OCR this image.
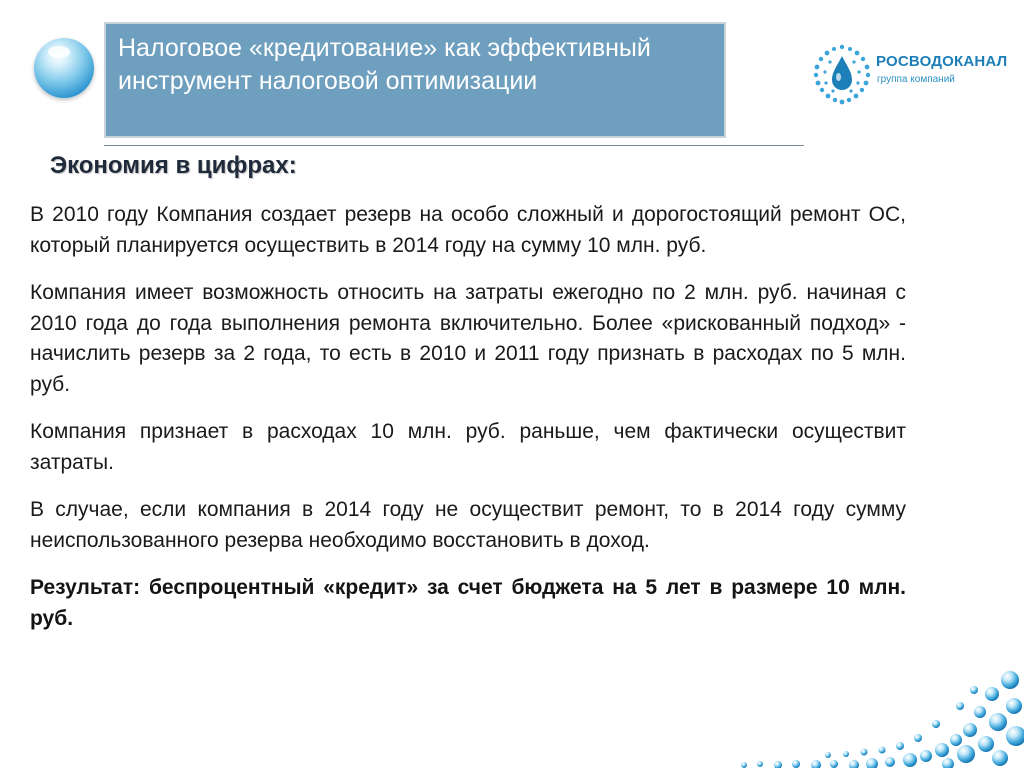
Налоговое «кредитование» как эффективный инструмент налоговой оптимизации
РОСВОДОКАНАЛ
группа компаний
Экономия в цифрах:

В 2010 году Компания создает резерв на особо сложный и дорогостоящий ремонт ОС, который планируется осуществить в 2014 году на сумму 10 млн. руб.

Компания имеет возможность относить на затраты ежегодно по 2 млн. руб. начиная с 2010 года до года выполнения ремонта включительно. Более «рискованный подход» - начислить резерв за 2 года, то есть в 2010 и 2011 году признать в расходах по 5 млн. руб.

Компания признает в расходах 10 млн. руб. раньше, чем фактически осуществит затраты.

В случае, если компания в 2014 году не осуществит ремонт, то в 2014 году сумму неиспользованного резерва необходимо восстановить в доход.

Результат: беспроцентный «кредит» за счет бюджета на 5 лет в размере 10 млн. руб.
